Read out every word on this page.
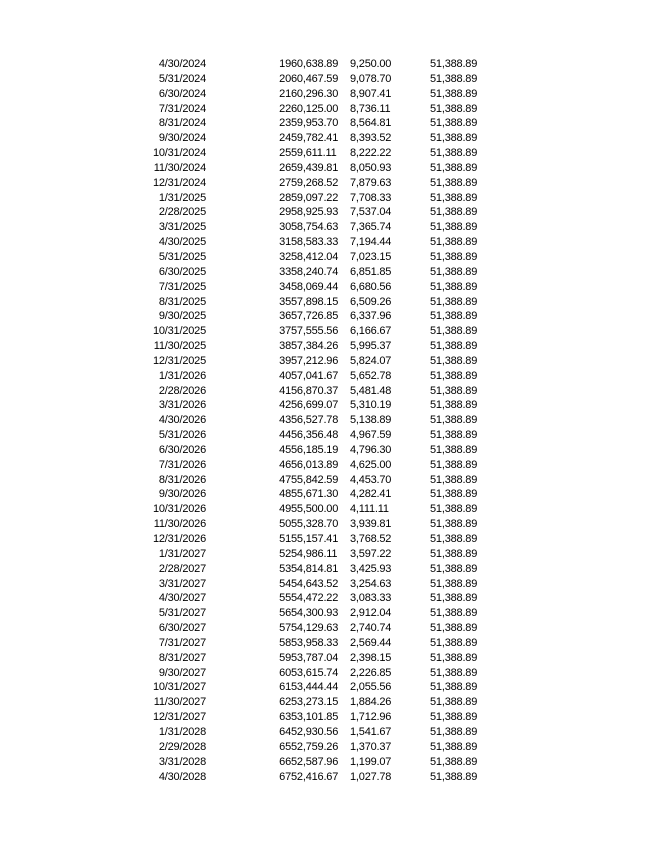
4/30/2024	19	60,638.89	9,250.00	51,388.89
5/31/2024	20	60,467.59	9,078.70	51,388.89
6/30/2024	21	60,296.30	8,907.41	51,388.89
7/31/2024	22	60,125.00	8,736.11	51,388.89
8/31/2024	23	59,953.70	8,564.81	51,388.89
9/30/2024	24	59,782.41	8,393.52	51,388.89
10/31/2024	25	59,611.11	8,222.22	51,388.89
11/30/2024	26	59,439.81	8,050.93	51,388.89
12/31/2024	27	59,268.52	7,879.63	51,388.89
1/31/2025	28	59,097.22	7,708.33	51,388.89
2/28/2025	29	58,925.93	7,537.04	51,388.89
3/31/2025	30	58,754.63	7,365.74	51,388.89
4/30/2025	31	58,583.33	7,194.44	51,388.89
5/31/2025	32	58,412.04	7,023.15	51,388.89
6/30/2025	33	58,240.74	6,851.85	51,388.89
7/31/2025	34	58,069.44	6,680.56	51,388.89
8/31/2025	35	57,898.15	6,509.26	51,388.89
9/30/2025	36	57,726.85	6,337.96	51,388.89
10/31/2025	37	57,555.56	6,166.67	51,388.89
11/30/2025	38	57,384.26	5,995.37	51,388.89
12/31/2025	39	57,212.96	5,824.07	51,388.89
1/31/2026	40	57,041.67	5,652.78	51,388.89
2/28/2026	41	56,870.37	5,481.48	51,388.89
3/31/2026	42	56,699.07	5,310.19	51,388.89
4/30/2026	43	56,527.78	5,138.89	51,388.89
5/31/2026	44	56,356.48	4,967.59	51,388.89
6/30/2026	45	56,185.19	4,796.30	51,388.89
7/31/2026	46	56,013.89	4,625.00	51,388.89
8/31/2026	47	55,842.59	4,453.70	51,388.89
9/30/2026	48	55,671.30	4,282.41	51,388.89
10/31/2026	49	55,500.00	4,111.11	51,388.89
11/30/2026	50	55,328.70	3,939.81	51,388.89
12/31/2026	51	55,157.41	3,768.52	51,388.89
1/31/2027	52	54,986.11	3,597.22	51,388.89
2/28/2027	53	54,814.81	3,425.93	51,388.89
3/31/2027	54	54,643.52	3,254.63	51,388.89
4/30/2027	55	54,472.22	3,083.33	51,388.89
5/31/2027	56	54,300.93	2,912.04	51,388.89
6/30/2027	57	54,129.63	2,740.74	51,388.89
7/31/2027	58	53,958.33	2,569.44	51,388.89
8/31/2027	59	53,787.04	2,398.15	51,388.89
9/30/2027	60	53,615.74	2,226.85	51,388.89
10/31/2027	61	53,444.44	2,055.56	51,388.89
11/30/2027	62	53,273.15	1,884.26	51,388.89
12/31/2027	63	53,101.85	1,712.96	51,388.89
1/31/2028	64	52,930.56	1,541.67	51,388.89
2/29/2028	65	52,759.26	1,370.37	51,388.89
3/31/2028	66	52,587.96	1,199.07	51,388.89
4/30/2028	67	52,416.67	1,027.78	51,388.89
